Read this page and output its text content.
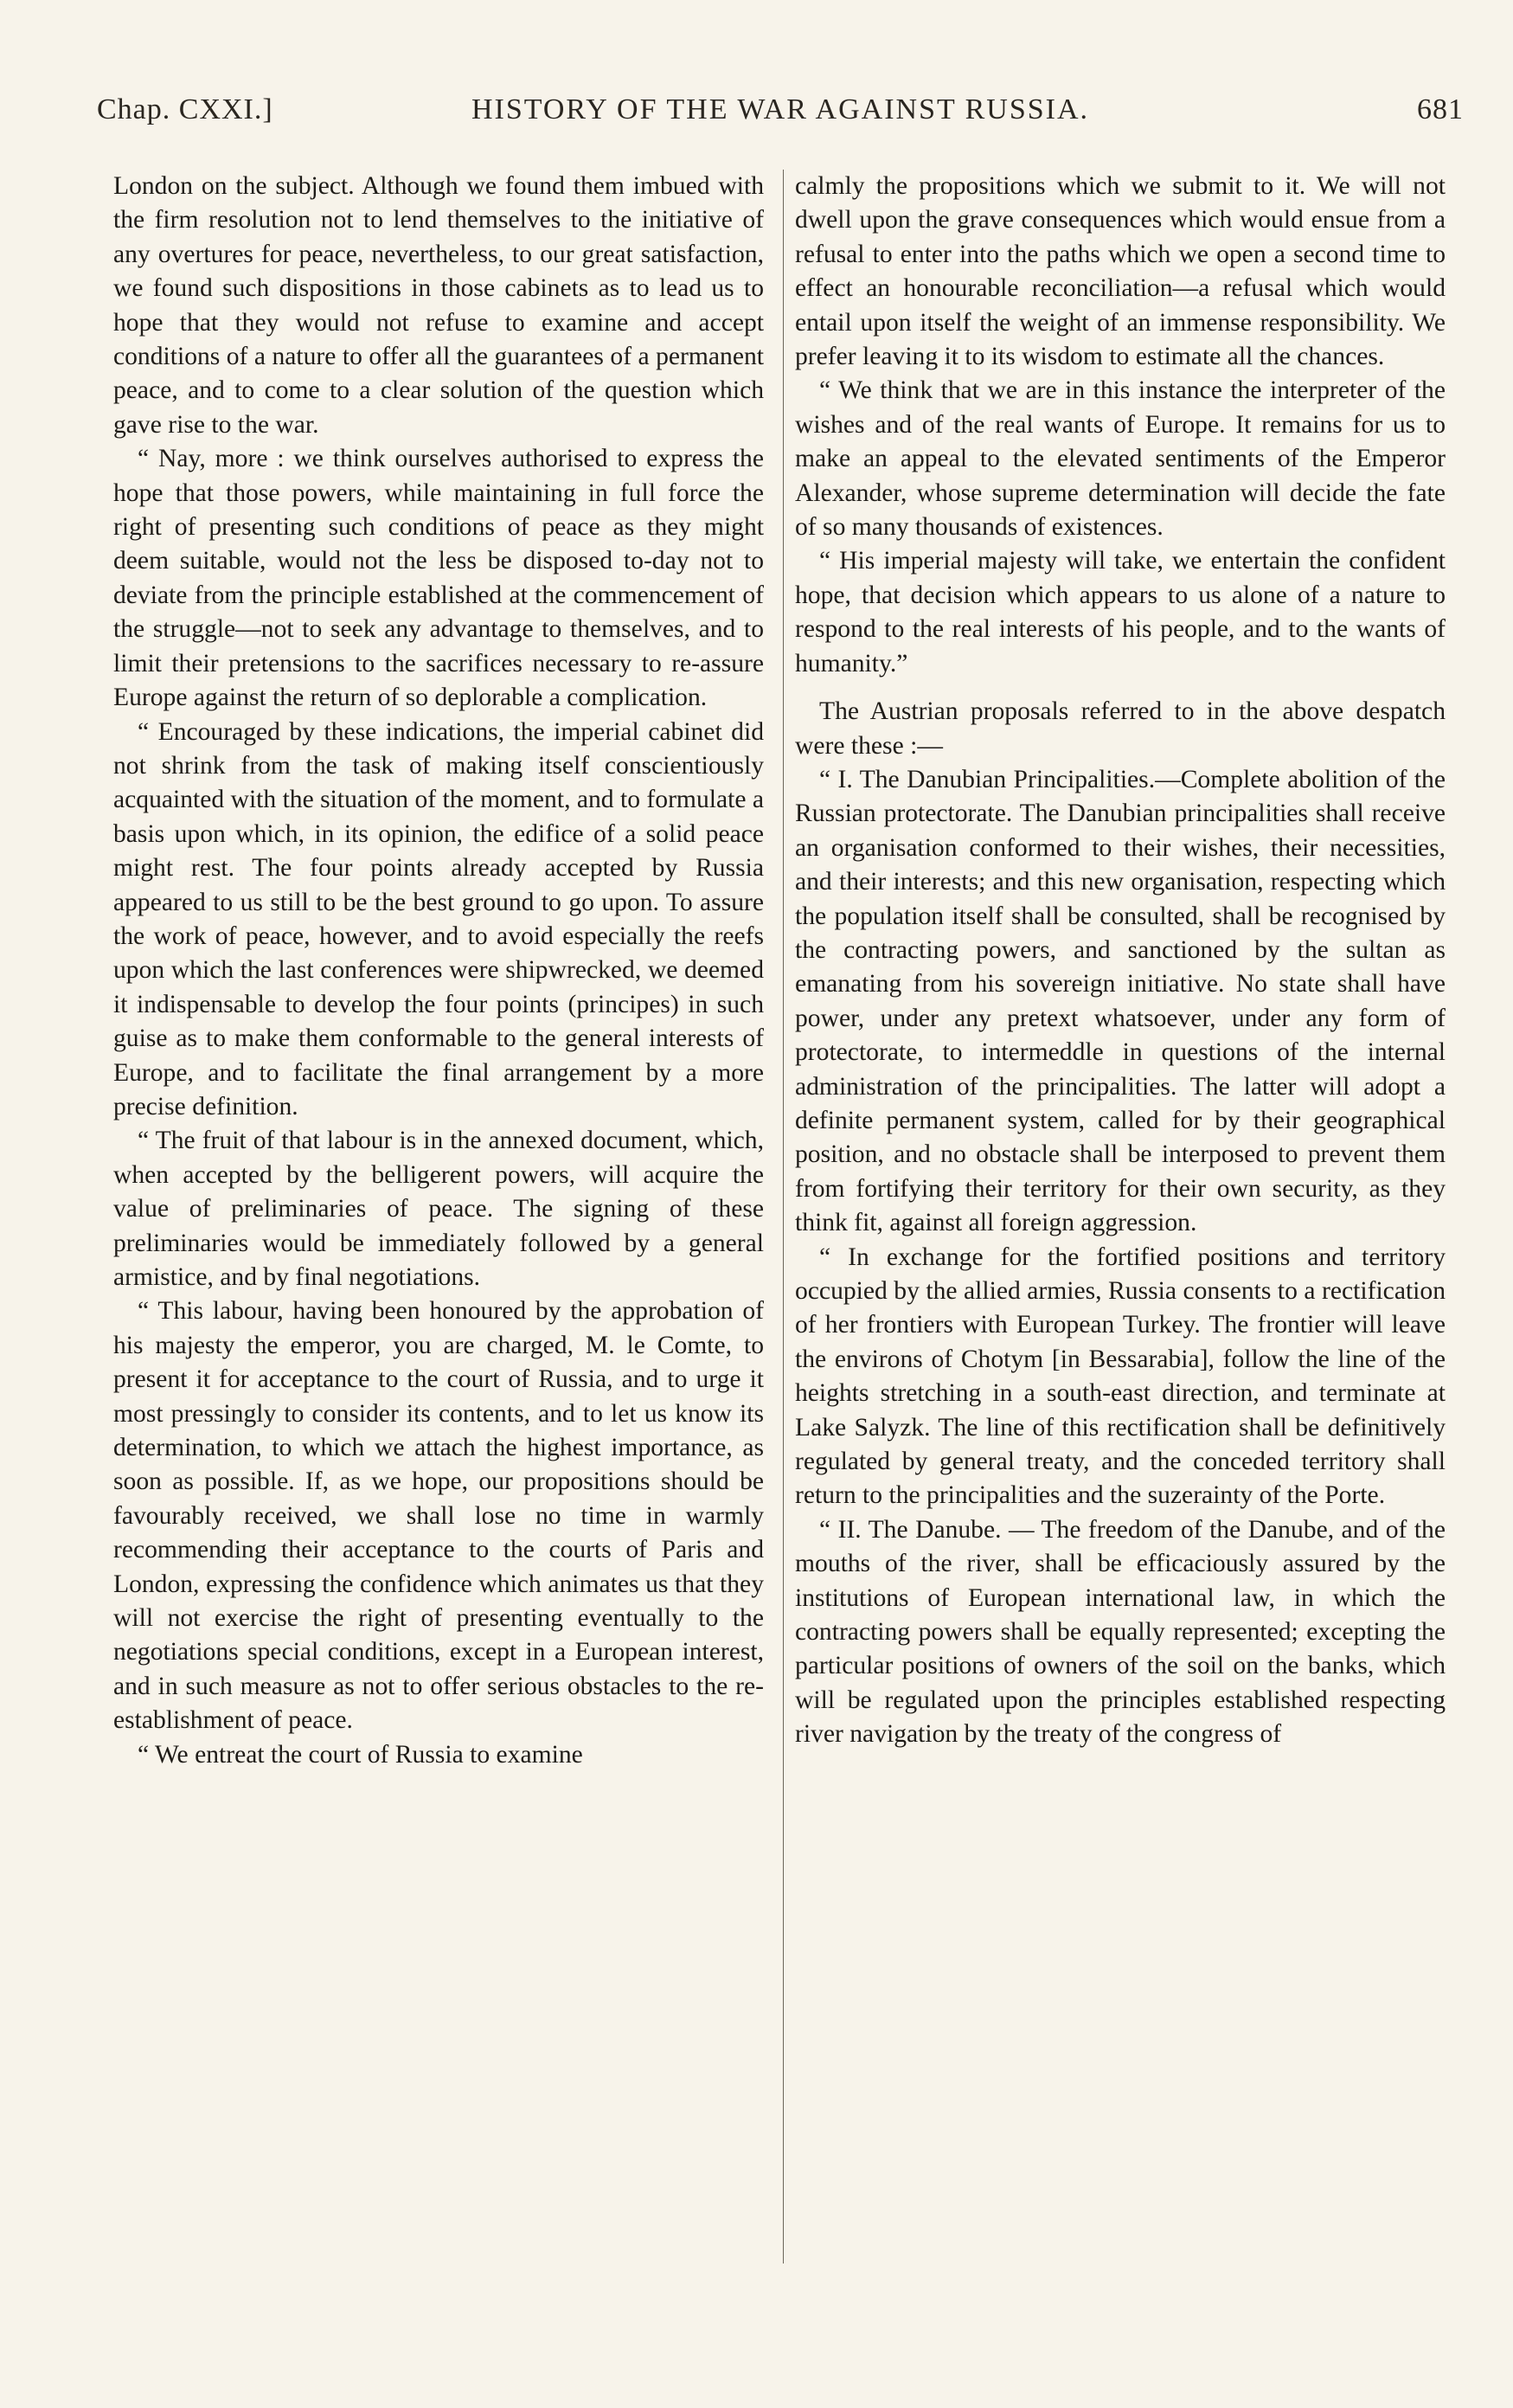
Chap. CXXI.]	HISTORY OF THE WAR AGAINST RUSSIA.	681

London on the subject. Although we found them imbued with the firm resolution not to lend themselves to the initiative of any overtures for peace, nevertheless, to our great satisfaction, we found such dispositions in those cabinets as to lead us to hope that they would not refuse to examine and accept conditions of a nature to offer all the guarantees of a permanent peace, and to come to a clear solution of the question which gave rise to the war.

“ Nay, more : we think ourselves authorised to express the hope that those powers, while maintaining in full force the right of presenting such conditions of peace as they might deem suitable, would not the less be disposed to-day not to deviate from the principle established at the commencement of the struggle—not to seek any advantage to themselves, and to limit their pretensions to the sacrifices necessary to re-assure Europe against the return of so deplorable a complication.

“ Encouraged by these indications, the imperial cabinet did not shrink from the task of making itself conscientiously acquainted with the situation of the moment, and to formulate a basis upon which, in its opinion, the edifice of a solid peace might rest. The four points already accepted by Russia appeared to us still to be the best ground to go upon. To assure the work of peace, however, and to avoid especially the reefs upon which the last conferences were shipwrecked, we deemed it indispensable to develop the four points (principes) in such guise as to make them conformable to the general interests of Europe, and to facilitate the final arrangement by a more precise definition.

“ The fruit of that labour is in the annexed document, which, when accepted by the belligerent powers, will acquire the value of preliminaries of peace. The signing of these preliminaries would be immediately followed by a general armistice, and by final negotiations.

“ This labour, having been honoured by the approbation of his majesty the emperor, you are charged, M. le Comte, to present it for acceptance to the court of Russia, and to urge it most pressingly to consider its contents, and to let us know its determination, to which we attach the highest importance, as soon as possible. If, as we hope, our propositions should be favourably received, we shall lose no time in warmly recommending their acceptance to the courts of Paris and London, expressing the confidence which animates us that they will not exercise the right of presenting eventually to the negotiations special conditions, except in a European interest, and in such measure as not to offer serious obstacles to the re-establishment of peace.

“ We entreat the court of Russia to examine

calmly the propositions which we submit to it. We will not dwell upon the grave consequences which would ensue from a refusal to enter into the paths which we open a second time to effect an honourable reconciliation—a refusal which would entail upon itself the weight of an immense responsibility. We prefer leaving it to its wisdom to estimate all the chances.

“ We think that we are in this instance the interpreter of the wishes and of the real wants of Europe. It remains for us to make an appeal to the elevated sentiments of the Emperor Alexander, whose supreme determination will decide the fate of so many thousands of existences.

“ His imperial majesty will take, we entertain the confident hope, that decision which appears to us alone of a nature to respond to the real interests of his people, and to the wants of humanity.”

The Austrian proposals referred to in the above despatch were these :—

“ I. The Danubian Principalities.—Complete abolition of the Russian protectorate. The Danubian principalities shall receive an organisation conformed to their wishes, their necessities, and their interests; and this new organisation, respecting which the population itself shall be consulted, shall be recognised by the contracting powers, and sanctioned by the sultan as emanating from his sovereign initiative. No state shall have power, under any pretext whatsoever, under any form of protectorate, to intermeddle in questions of the internal administration of the principalities. The latter will adopt a definite permanent system, called for by their geographical position, and no obstacle shall be interposed to prevent them from fortifying their territory for their own security, as they think fit, against all foreign aggression.

“ In exchange for the fortified positions and territory occupied by the allied armies, Russia consents to a rectification of her frontiers with European Turkey. The frontier will leave the environs of Chotym [in Bessarabia], follow the line of the heights stretching in a south-east direction, and terminate at Lake Salyzk. The line of this rectification shall be definitively regulated by general treaty, and the conceded territory shall return to the principalities and the suzerainty of the Porte.

“ II. The Danube. — The freedom of the Danube, and of the mouths of the river, shall be efficaciously assured by the institutions of European international law, in which the contracting powers shall be equally represented; excepting the particular positions of owners of the soil on the banks, which will be regulated upon the principles established respecting river navigation by the treaty of the congress of
